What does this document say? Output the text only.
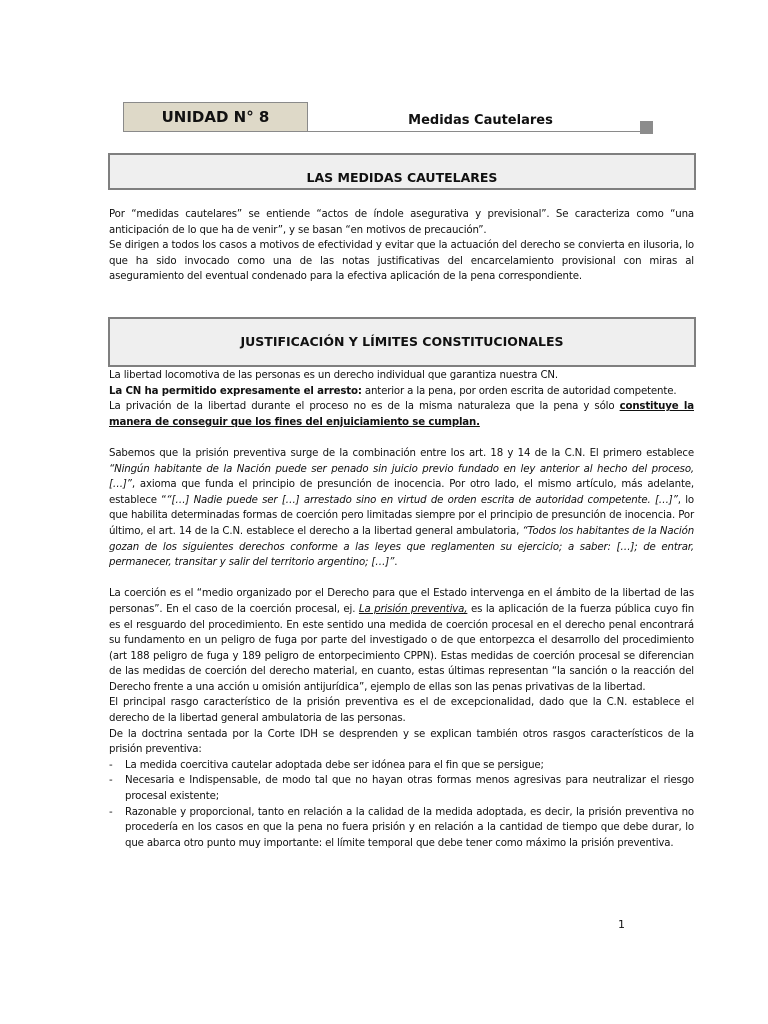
UNIDAD N° 8	Medidas Cautelares
LAS MEDIDAS CAUTELARES

Por “medidas cautelares” se entiende “actos de índole asegurativa y previsional”. Se caracteriza como “una anticipación de lo que ha de venir”, y se basan “en motivos de precaución”.

Se dirigen a todos los casos a motivos de efectividad y evitar que la actuación del derecho se convierta en ilusoria, lo que ha sido invocado como una de las notas justificativas del encarcelamiento provisional con miras al aseguramiento del eventual condenado para la efectiva aplicación de la pena correspondiente.

JUSTIFICACIÓN Y LÍMITES CONSTITUCIONALES

La libertad locomotiva de las personas es un derecho individual que garantiza nuestra CN.

La CN ha permitido expresamente el arresto: anterior a la pena, por orden escrita de autoridad competente.

La privación de la libertad durante el proceso no es de la misma naturaleza que la pena y sólo constituye la manera de conseguir que los fines del enjuiciamiento se cumplan.

Sabemos que la prisión preventiva surge de la combinación entre los art. 18 y 14 de la C.N. El primero establece “Ningún habitante de la Nación puede ser penado sin juicio previo fundado en ley anterior al hecho del proceso, […]”, axioma que funda el principio de presunción de inocencia. Por otro lado, el mismo artículo, más adelante, establece ““[…] Nadie puede ser […] arrestado sino en virtud de orden escrita de autoridad competente. […]”, lo que habilita determinadas formas de coerción pero limitadas siempre por el principio de presunción de inocencia. Por último, el art. 14 de la C.N. establece el derecho a la libertad general ambulatoria, “Todos los habitantes de la Nación gozan de los siguientes derechos conforme a las leyes que reglamenten su ejercicio; a saber: […]; de entrar, permanecer, transitar y salir del territorio argentino; […]”.

La coerción es el “medio organizado por el Derecho para que el Estado intervenga en el ámbito de la libertad de las personas”. En el caso de la coerción procesal, ej. La prisión preventiva, es la aplicación de la fuerza pública cuyo fin es el resguardo del procedimiento. En este sentido una medida de coerción procesal en el derecho penal encontrará su fundamento en un peligro de fuga por parte del investigado o de que entorpezca el desarrollo del procedimiento (art 188 peligro de fuga y 189 peligro de entorpecimiento CPPN). Estas medidas de coerción procesal se diferencian de las medidas de coerción del derecho material, en cuanto, estas últimas representan “la sanción o la reacción del Derecho frente a una acción u omisión antijurídica”, ejemplo de ellas son las penas privativas de la libertad.

El principal rasgo característico de la prisión preventiva es el de excepcionalidad, dado que la C.N. establece el derecho de la libertad general ambulatoria de las personas.

De la doctrina sentada por la Corte IDH se desprenden y se explican también otros rasgos característicos de la prisión preventiva:

- La medida coercitiva cautelar adoptada debe ser idónea para el fin que se persigue;
- Necesaria e Indispensable, de modo tal que no hayan otras formas menos agresivas para neutralizar el riesgo procesal existente;
- Razonable y proporcional, tanto en relación a la calidad de la medida adoptada, es decir, la prisión preventiva no procedería en los casos en que la pena no fuera prisión y en relación a la cantidad de tiempo que debe durar, lo que abarca otro punto muy importante: el límite temporal que debe tener como máximo la prisión preventiva.
1
